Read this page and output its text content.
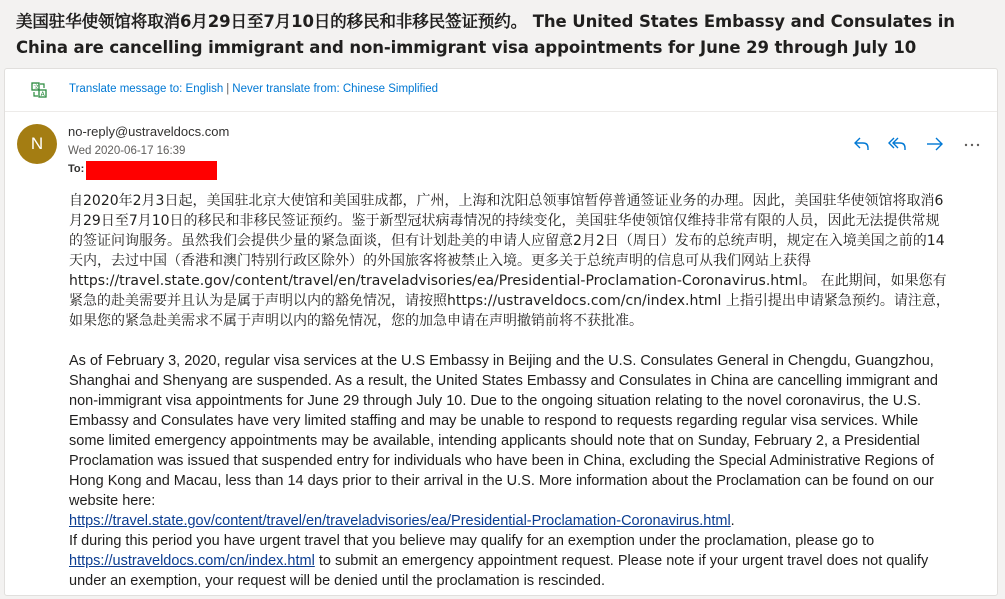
美国驻华使领馆将取消6月29日至7月10日的移民和非移民签证预约。 The United States Embassy and Consulates in China are cancelling immigrant and non-immigrant visa appointments for June 29 through July 10
文
A Translate message to: English | Never translate from: Chinese Simplified
N
no-reply@ustraveldocs.com
Wed 2020-06-17 16:39
To:

自2020年2月3日起，美国驻北京大使馆和美国驻成都，广州，上海和沈阳总领事馆暂停普通签证业务的办理。因此，美国驻华使领馆将取消6月29日至7月10日的移民和非移民签证预约。鉴于新型冠状病毒情况的持续变化，美国驻华使领馆仅维持非常有限的人员，因此无法提供常规的签证问询服务。虽然我们会提供少量的紧急面谈，但有计划赴美的申请人应留意2月2日（周日）发布的总统声明，规定在入境美国之前的14天内，去过中国（香港和澳门特别行政区除外）的外国旅客将被禁止入境。更多关于总统声明的信息可从我们网站上获得 https://travel.state.gov/content/travel/en/traveladvisories/ea/Presidential-Proclamation-Coronavirus.html。 在此期间，如果您有紧急的赴美需要并且认为是属于声明以内的豁免情况，请按照https://ustraveldocs.com/cn/index.html 上指引提出申请紧急预约。请注意，如果您的紧急赴美需求不属于声明以内的豁免情况，您的加急申请在声明撤销前将不获批准。

As of February 3, 2020, regular visa services at the U.S Embassy in Beijing and the U.S. Consulates General in Chengdu, Guangzhou, Shanghai and Shenyang are suspended. As a result, the United States Embassy and Consulates in China are cancelling immigrant and non-immigrant visa appointments for June 29 through July 10. Due to the ongoing situation relating to the novel coronavirus, the U.S. Embassy and Consulates have very limited staffing and may be unable to respond to requests regarding regular visa services. While some limited emergency appointments may be available, intending applicants should note that on Sunday, February 2, a Presidential Proclamation was issued that suspended entry for individuals who have been in China, excluding the Special Administrative Regions of Hong Kong and Macau, less than 14 days prior to their arrival in the U.S. More information about the Proclamation can be found on our website here:
https://travel.state.gov/content/travel/en/traveladvisories/ea/Presidential-Proclamation-Coronavirus.html.
If during this period you have urgent travel that you believe may qualify for an exemption under the proclamation, please go to
https://ustraveldocs.com/cn/index.html to submit an emergency appointment request. Please note if your urgent travel does not qualify under an exemption, your request will be denied until the proclamation is rescinded.
